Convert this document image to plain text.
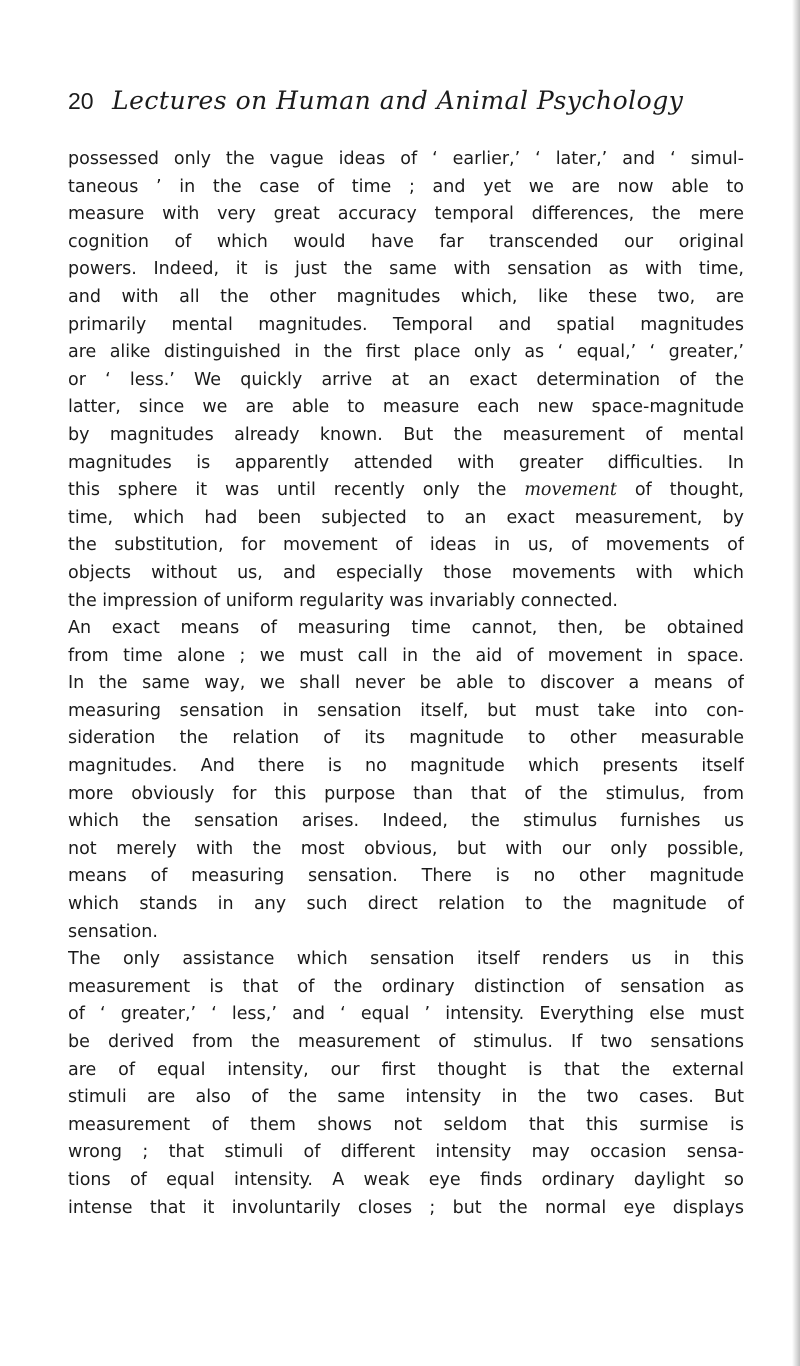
20 Lectures on Human and Animal Psychology
possessed only the vague ideas of ‘ earlier,’ ‘ later,’ and ‘ simul-
taneous ’ in the case of time ; and yet we are now able to
measure with very great accuracy temporal differences, the mere
cognition of which would have far transcended our original
powers. Indeed, it is just the same with sensation as with time,
and with all the other magnitudes which, like these two, are
primarily mental magnitudes. Temporal and spatial magnitudes
are alike distinguished in the first place only as ‘ equal,’ ‘ greater,’
or ‘ less.’ We quickly arrive at an exact determination of the
latter, since we are able to measure each new space-magnitude
by magnitudes already known. But the measurement of mental
magnitudes is apparently attended with greater difficulties. In
this sphere it was until recently only the movement of thought,
time, which had been subjected to an exact measurement, by
the substitution, for movement of ideas in us, of movements of
objects without us, and especially those movements with which
the impression of uniform regularity was invariably connected.
An exact means of measuring time cannot, then, be obtained
from time alone ; we must call in the aid of movement in space.
In the same way, we shall never be able to discover a means of
measuring sensation in sensation itself, but must take into con-
sideration the relation of its magnitude to other measurable
magnitudes. And there is no magnitude which presents itself
more obviously for this purpose than that of the stimulus, from
which the sensation arises. Indeed, the stimulus furnishes us
not merely with the most obvious, but with our only possible,
means of measuring sensation. There is no other magnitude
which stands in any such direct relation to the magnitude of
sensation.
The only assistance which sensation itself renders us in this
measurement is that of the ordinary distinction of sensation as
of ‘ greater,’ ‘ less,’ and ‘ equal ’ intensity. Everything else must
be derived from the measurement of stimulus. If two sensations
are of equal intensity, our first thought is that the external
stimuli are also of the same intensity in the two cases. But
measurement of them shows not seldom that this surmise is
wrong ; that stimuli of different intensity may occasion sensa-
tions of equal intensity. A weak eye finds ordinary daylight so
intense that it involuntarily closes ; but the normal eye displays
